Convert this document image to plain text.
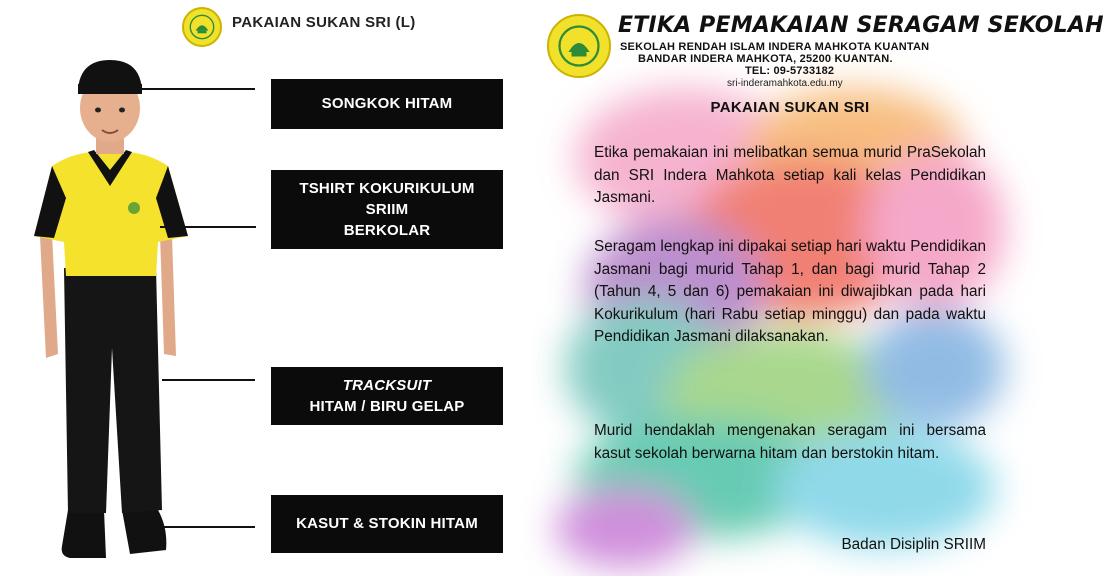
PAKAIAN SUKAN SRI (L)
SONGKOK HITAM
TSHIRT KOKURIKULUM
SRIIM
BERKOLAR
TRACKSUIT
HITAM / BIRU GELAP
KASUT & STOKIN HITAM
ETIKA PEMAKAIAN SERAGAM SEKOLAH
SEKOLAH RENDAH ISLAM INDERA MAHKOTA KUANTAN
BANDAR INDERA MAHKOTA, 25200 KUANTAN.
TEL: 09-5733182
sri-inderamahkota.edu.my
PAKAIAN SUKAN SRI
Etika pemakaian ini melibatkan semua murid PraSekolah dan SRI Indera Mahkota setiap kali kelas Pendidikan Jasmani.
Seragam lengkap ini dipakai setiap hari waktu Pendidikan Jasmani bagi murid Tahap 1, dan bagi murid Tahap 2 (Tahun 4, 5 dan 6) pemakaian ini diwajibkan pada hari Kokurikulum (hari Rabu setiap minggu) dan pada waktu Pendidikan Jasmani dilaksanakan.
Murid hendaklah mengenakan seragam ini bersama kasut sekolah berwarna hitam dan berstokin hitam.
Badan Disiplin SRIIM
